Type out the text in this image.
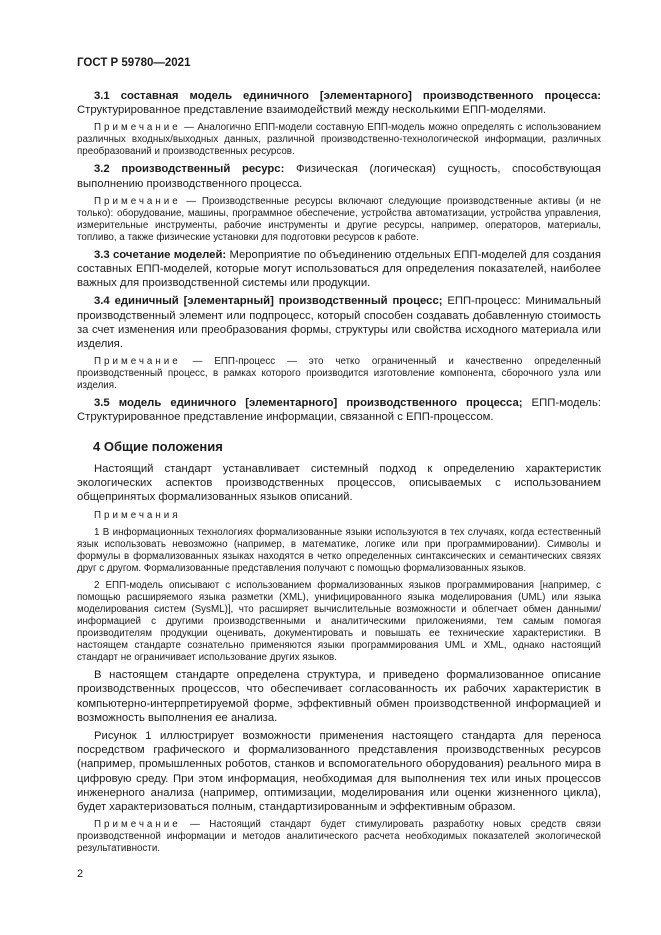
ГОСТ Р 59780—2021

3.1 составная модель единичного [элементарного] производственного процесса: Структурированное представление взаимодействий между несколькими ЕПП-моделями.

Примечание — Аналогично ЕПП-модели составную ЕПП-модель можно определять с использованием различных входных/выходных данных, различной производственно-технологической информации, различных преобразований и производственных ресурсов.

3.2 производственный ресурс: Физическая (логическая) сущность, способствующая выполнению производственного процесса.

Примечание — Производственные ресурсы включают следующие производственные активы (и не только): оборудование, машины, программное обеспечение, устройства автоматизации, устройства управления, измерительные инструменты, рабочие инструменты и другие ресурсы, например, операторов, материалы, топливо, а также физические установки для подготовки ресурсов к работе.

3.3 сочетание моделей: Мероприятие по объединению отдельных ЕПП-моделей для создания составных ЕПП-моделей, которые могут использоваться для определения показателей, наиболее важных для производственной системы или продукции.

3.4 единичный [элементарный] производственный процесс; ЕПП-процесс: Минимальный производственный элемент или подпроцесс, который способен создавать добавленную стоимость за счет изменения или преобразования формы, структуры или свойства исходного материала или изделия.

Примечание — ЕПП-процесс — это четко ограниченный и качественно определенный производственный процесс, в рамках которого производится изготовление компонента, сборочного узла или изделия.

3.5 модель единичного [элементарного] производственного процесса; ЕПП-модель: Структурированное представление информации, связанной с ЕПП-процессом.

4 Общие положения

Настоящий стандарт устанавливает системный подход к определению характеристик экологических аспектов производственных процессов, описываемых с использованием общепринятых формализованных языков описаний.

Примечания
1 В информационных технологиях формализованные языки используются в тех случаях, когда естественный язык использовать невозможно (например, в математике, логике или при программировании). Символы и формулы в формализованных языках находятся в четко определенных синтаксических и семантических связях друг с другом. Формализованные представления получают с помощью формализованных языков.
2 ЕПП-модель описывают с использованием формализованных языков программирования [например, с помощью расширяемого языка разметки (XML), унифицированного языка моделирования (UML) или языка моделирования систем (SysML)], что расширяет вычислительные возможности и облегчает обмен данными/информацией с другими производственными и аналитическими приложениями, тем самым помогая производителям продукции оценивать, документировать и повышать ее технические характеристики. В настоящем стандарте сознательно применяются языки программирования UML и XML, однако настоящий стандарт не ограничивает использование других языков.

В настоящем стандарте определена структура, и приведено формализованное описание производственных процессов, что обеспечивает согласованность их рабочих характеристик в компьютерно-интерпретируемой форме, эффективный обмен производственной информацией и возможность выполнения ее анализа.

Рисунок 1 иллюстрирует возможности применения настоящего стандарта для переноса посредством графического и формализованного представления производственных ресурсов (например, промышленных роботов, станков и вспомогательного оборудования) реального мира в цифровую среду. При этом информация, необходимая для выполнения тех или иных процессов инженерного анализа (например, оптимизации, моделирования или оценки жизненного цикла), будет характеризоваться полным, стандартизированным и эффективным образом.

Примечание — Настоящий стандарт будет стимулировать разработку новых средств связи производственной информации и методов аналитического расчета необходимых показателей экологической результативности.
2
